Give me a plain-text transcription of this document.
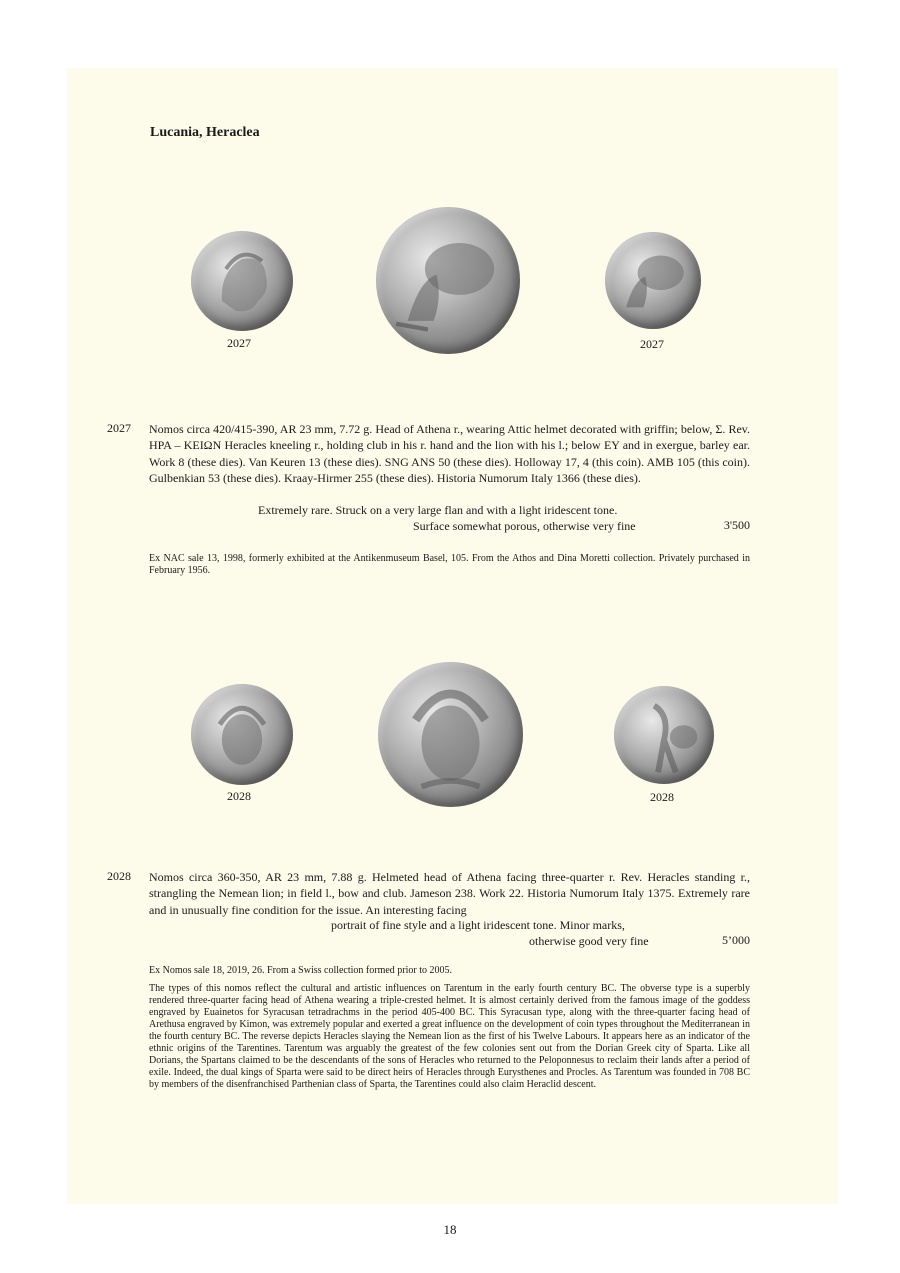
Lucania, Heraclea
2027	2027
2027 Nomos circa 420/415-390, AR 23 mm, 7.72 g. Head of Athena r., wearing Attic helmet decorated with griffin; below, Σ. Rev. ΗΡΑ – ΚΕΙΩΝ Heracles kneeling r., holding club in his r. hand and the lion with his l.; below ΕΥ and in exergue, barley ear. Work 8 (these dies). Van Keuren 13 (these dies). SNG ANS 50 (these dies). Holloway 17, 4 (this coin). AMB 105 (this coin). Gulbenkian 53 (these dies). Kraay-Hirmer 255 (these dies). Historia Numorum Italy 1366 (these dies).

Extremely rare. Struck on a very large flan and with a light iridescent tone.
Surface somewhat porous, otherwise very fine	3'500
Ex NAC sale 13, 1998, formerly exhibited at the Antikenmuseum Basel, 105. From the Athos and Dina Moretti collection. Privately purchased in February 1956.
2028	2028
2028 Nomos circa 360-350, AR 23 mm, 7.88 g. Helmeted head of Athena facing three-quarter r. Rev. Heracles standing r., strangling the Nemean lion; in field l., bow and club. Jameson 238. Work 22. Historia Numorum Italy 1375. Extremely rare and in unusually fine condition for the issue. An interesting facing

portrait of fine style and a light iridescent tone. Minor marks,
otherwise good very fine	5’000
Ex Nomos sale 18, 2019, 26. From a Swiss collection formed prior to 2005.
The types of this nomos reflect the cultural and artistic influences on Tarentum in the early fourth century BC. The obverse type is a superbly rendered three-quarter facing head of Athena wearing a triple-crested helmet. It is almost certainly derived from the famous image of the goddess engraved by Euainetos for Syracusan tetradrachms in the period 405-400 BC. This Syracusan type, along with the three-quarter facing head of Arethusa engraved by Kimon, was extremely popular and exerted a great influence on the development of coin types throughout the Mediterranean in the fourth century BC. The reverse depicts Heracles slaying the Nemean lion as the first of his Twelve Labours. It appears here as an indicator of the ethnic origins of the Tarentines. Tarentum was arguably the greatest of the few colonies sent out from the Dorian Greek city of Sparta. Like all Dorians, the Spartans claimed to be the descendants of the sons of Heracles who returned to the Peloponnesus to reclaim their lands after a period of exile. Indeed, the dual kings of Sparta were said to be direct heirs of Heracles through Eurysthenes and Procles. As Tarentum was founded in 708 BC by members of the disenfranchised Parthenian class of Sparta, the Tarentines could also claim Heraclid descent.
18
